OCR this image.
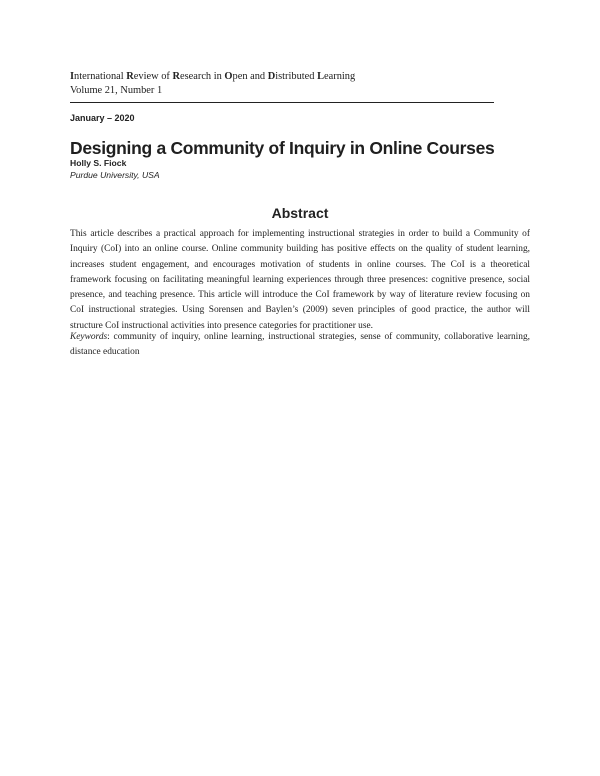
International Review of Research in Open and Distributed Learning
Volume 21, Number 1
January – 2020
Designing a Community of Inquiry in Online Courses
Holly S. Fiock
Purdue University, USA
Abstract

This article describes a practical approach for implementing instructional strategies in order to build a Community of Inquiry (CoI) into an online course. Online community building has positive effects on the quality of student learning, increases student engagement, and encourages motivation of students in online courses. The CoI is a theoretical framework focusing on facilitating meaningful learning experiences through three presences: cognitive presence, social presence, and teaching presence. This article will introduce the CoI framework by way of literature review focusing on CoI instructional strategies. Using Sorensen and Baylen’s (2009) seven principles of good practice, the author will structure CoI instructional activities into presence categories for practitioner use.

Keywords: community of inquiry, online learning, instructional strategies, sense of community, collaborative learning, distance education
